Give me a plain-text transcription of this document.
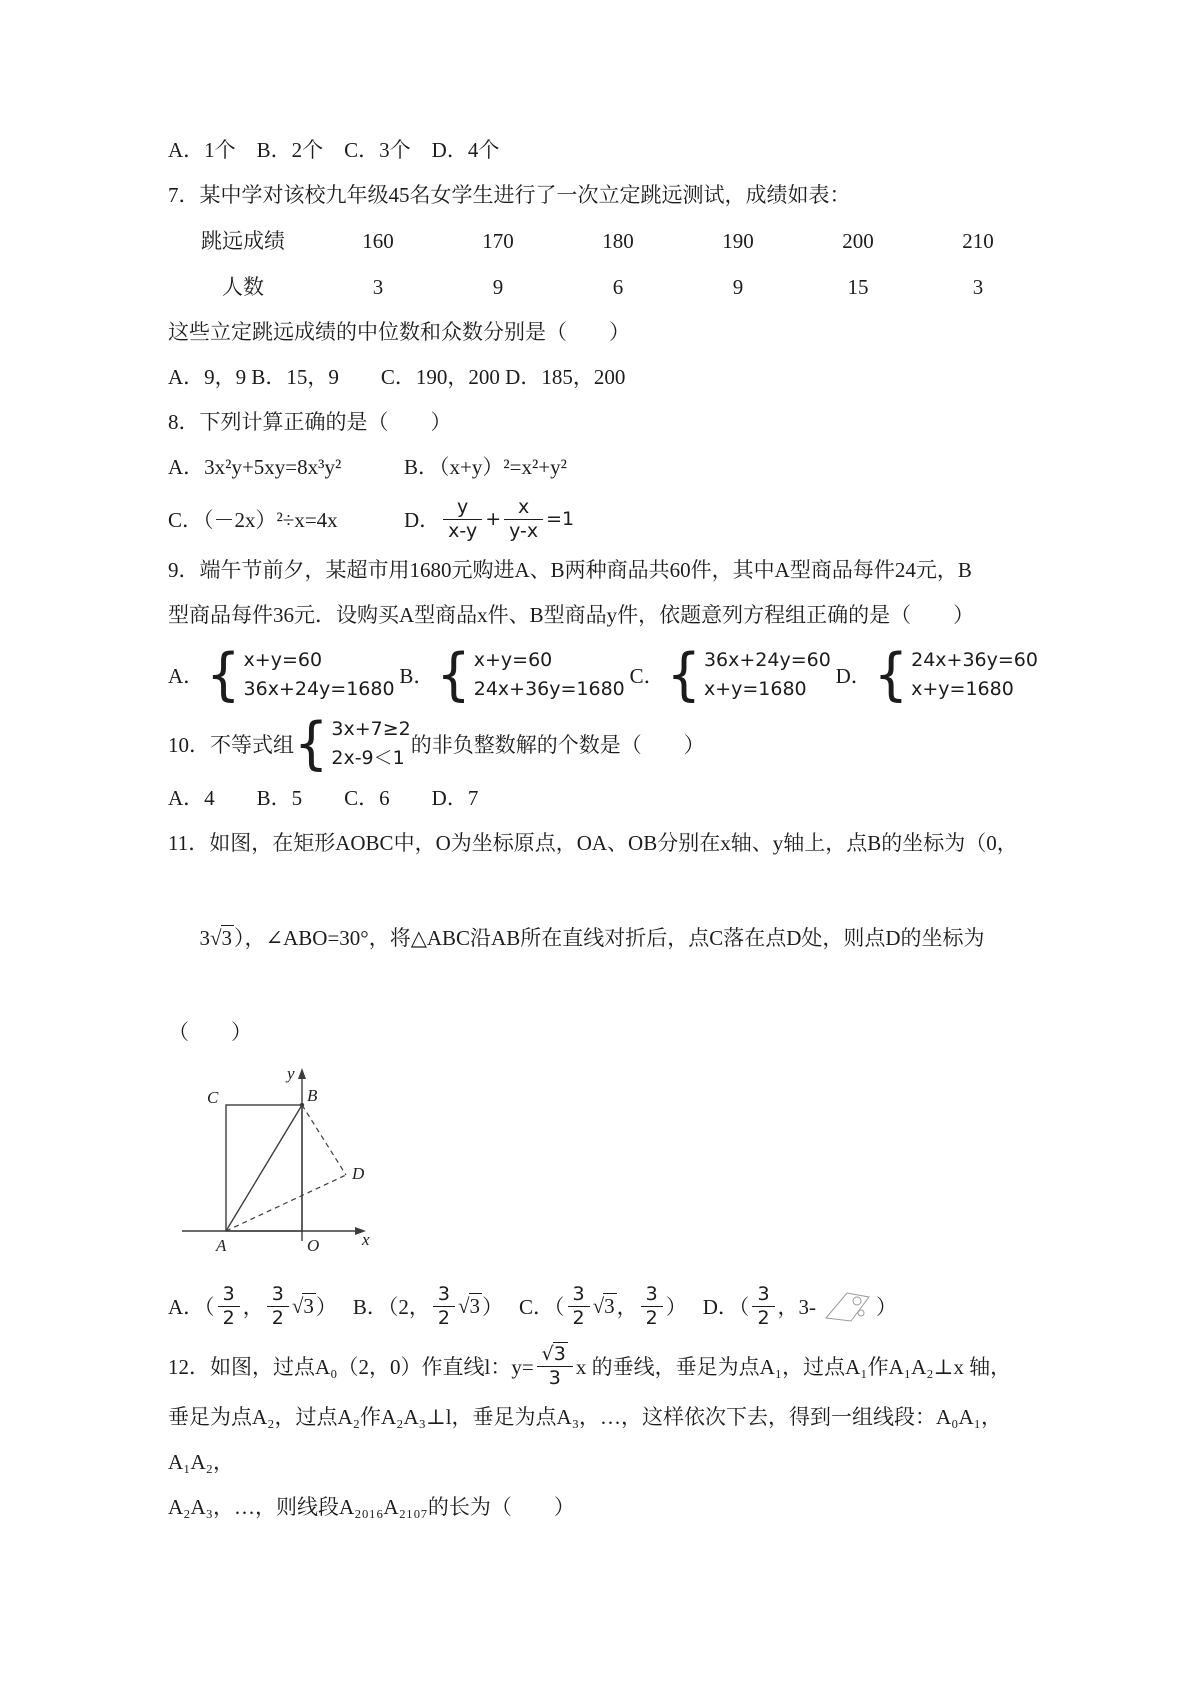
A．1个　B．2个　C．3个　D．4个
7．某中学对该校九年级45名女学生进行了一次立定跳远测试，成绩如表：
跳远成绩	160	170	180	190	200	210
人数	3	9	6	9	15	3
这些立定跳远成绩的中位数和众数分别是（　　）
A．9，9 B．15，9　　C．190，200 D．185，200
8．下列计算正确的是（　　）
A．3x²y+5xy=8x³y²	B．（x+y）²=x²+y²
C．（－2x）²÷x=4x	D． $\frac{y}{x-y} + \frac{x}{y-x} =1$
9．端午节前夕，某超市用1680元购进A、B两种商品共60件，其中A型商品每件24元，B
型商品每件36元．设购买A型商品x件、B型商品y件，依题意列方程组正确的是（　　）
A． { x+y=60
36x+24y=1680
B． { x+y=60
24x+36y=1680
C． { 36x+24y=60
x+y=1680
D． { 24x+36y=60
x+y=1680
10．不等式组 { 3x+7≥2
2x-9＜1
的非负整数解的个数是（　　）
A．4　　B．5　　C．6　　D．7
11．如图，在矩形AOBC中，O为坐标原点，OA、OB分别在x轴、y轴上，点B的坐标为（0，

3√3），∠ABO=30°，将△ABC沿AB所在直线对折后，点C落在点D处，则点D的坐标为

（　　）
y
x
C	B
D
A	O
A．（ $\frac{3}{2}$ ， $\frac{3}{2} √3$ ） B．（2， $\frac{3}{2} √3$ ） C．（ $\frac{3}{2} √3$ ， $\frac{3}{2}$ ） D．（ $\frac{3}{2}$ ，3-	）
12．如图，过点A₀（2，0）作直线l：$y= \frac{√3}{3}$ x 的垂线，垂足为点A₁，过点A₁作A₁A₂⊥x 轴，
垂足为点A₂，过点A₂作A₂A₃⊥l，垂足为点A₃，…，这样依次下去，得到一组线段：A₀A₁，A₁A₂，
A₂A₃，…，则线段A₂₀₁₆A₂₁₀₇的长为（　　）
